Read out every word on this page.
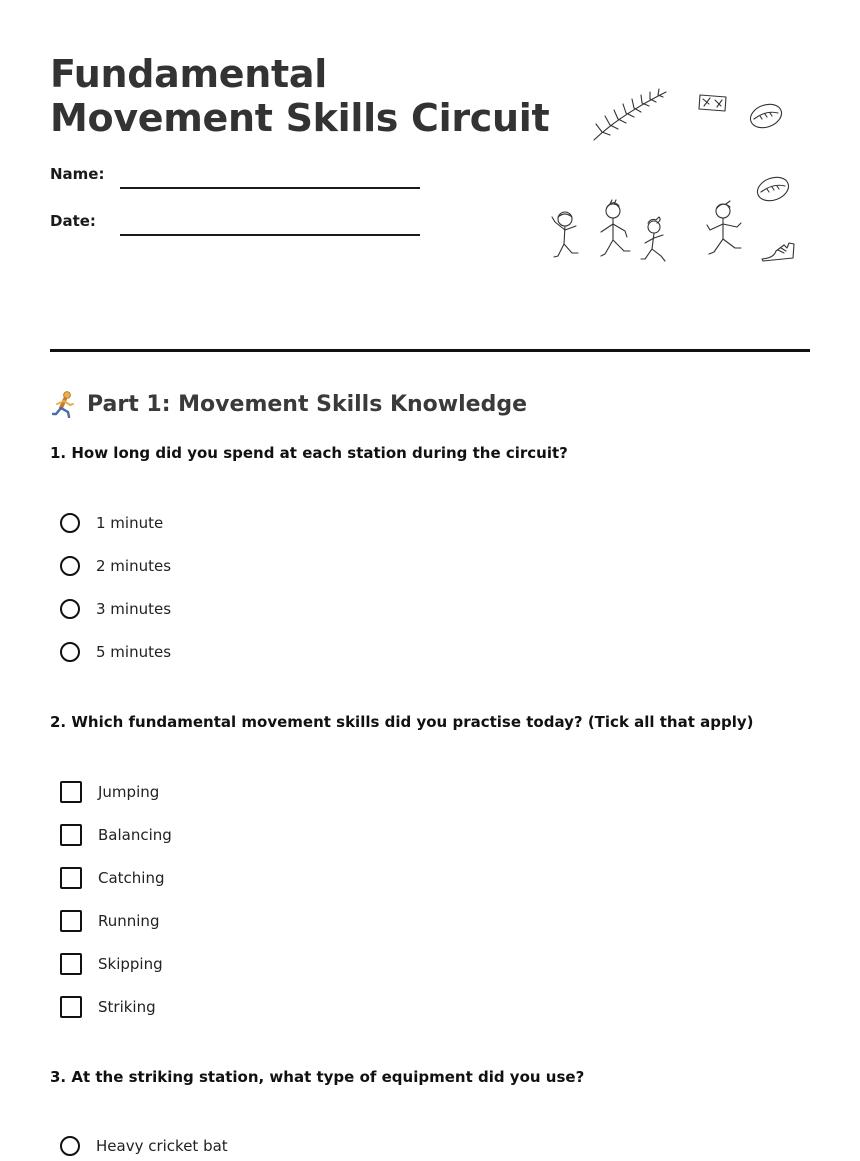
Fundamental
Movement Skills Circuit
Name:
Date:
Part 1: Movement Skills Knowledge
1. How long did you spend at each station during the circuit?
1 minute
2 minutes
3 minutes
5 minutes
2. Which fundamental movement skills did you practise today? (Tick all that apply)
Jumping
Balancing
Catching
Running
Skipping
Striking
3. At the striking station, what type of equipment did you use?
Heavy cricket bat
